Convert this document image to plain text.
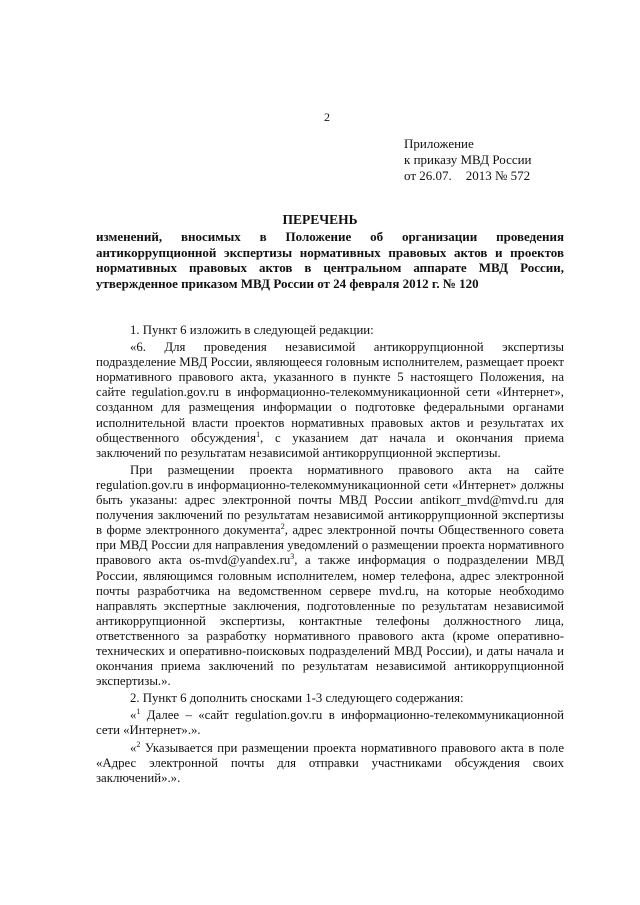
2
Приложение
к приказу МВД России
от 26.07. 2013 № 572
ПЕРЕЧЕНЬ
изменений, вносимых в Положение об организации проведения антикоррупционной экспертизы нормативных правовых актов и проектов нормативных правовых актов в центральном аппарате МВД России, утвержденное приказом МВД России от 24 февраля 2012 г. № 120

1. Пункт 6 изложить в следующей редакции:

«6. Для проведения независимой антикоррупционной экспертизы подразделение МВД России, являющееся головным исполнителем, размещает проект нормативного правового акта, указанного в пункте 5 настоящего Положения, на сайте regulation.gov.ru в информационно-телекоммуникационной сети «Интернет», созданном для размещения информации о подготовке федеральными органами исполнительной власти проектов нормативных правовых актов и результатах их общественного обсуждения$^1$, с указанием дат начала и окончания приема заключений по результатам независимой антикоррупционной экспертизы.

При размещении проекта нормативного правового акта на сайте regulation.gov.ru в информационно-телекоммуникационной сети «Интернет» должны быть указаны: адрес электронной почты МВД России antikorr_mvd@mvd.ru для получения заключений по результатам независимой антикоррупционной экспертизы в форме электронного документа$^2$, адрес электронной почты Общественного совета при МВД России для направления уведомлений о размещении проекта нормативного правового акта $os-mvd@yandex.ru^3$, а также информация о подразделении МВД России, являющимся головным исполнителем, номер телефона, адрес электронной почты разработчика на ведомственном сервере mvd.ru, на которые необходимо направлять экспертные заключения, подготовленные по результатам независимой антикоррупционной экспертизы, контактные телефоны должностного лица, ответственного за разработку нормативного правового акта (кроме оперативно-технических и оперативно-поисковых подразделений МВД России), и даты начала и окончания приема заключений по результатам независимой антикоррупционной экспертизы.».

2. Пункт 6 дополнить сносками 1-3 следующего содержания:

«$^1$ Далее – «сайт regulation.gov.ru в информационно-телекоммуникационной сети «Интернет».».

«$^2$ Указывается при размещении проекта нормативного правового акта в поле «Адрес электронной почты для отправки участниками обсуждения своих заключений».».
